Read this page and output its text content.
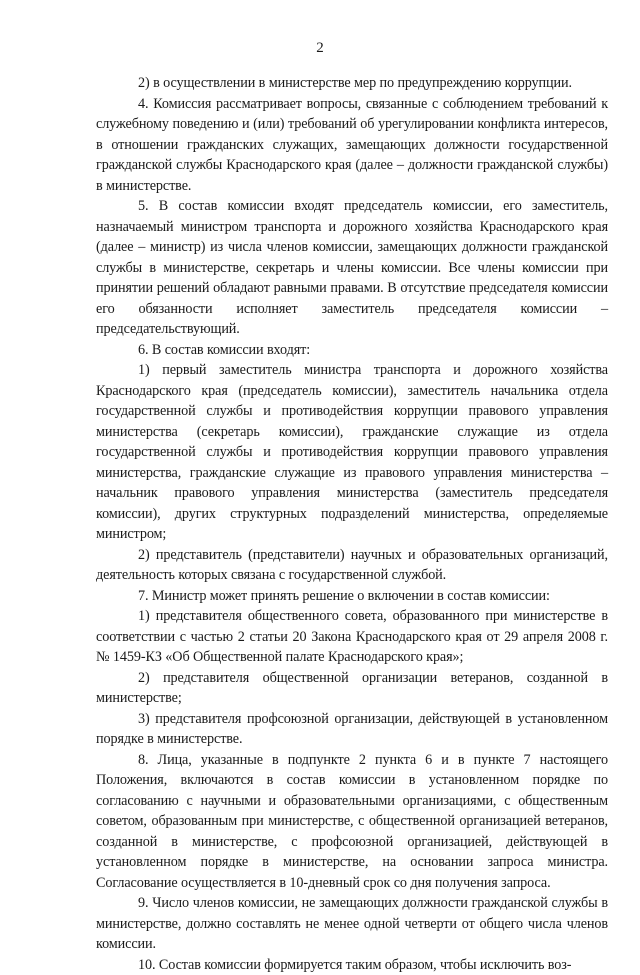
2

2) в осуществлении в министерстве мер по предупреждению коррупции.

4. Комиссия рассматривает вопросы, связанные с соблюдением требований к служебному поведению и (или) требований об урегулировании конфликта интересов, в отношении гражданских служащих, замещающих должности государственной гражданской службы Краснодарского края (далее – должности гражданской службы) в министерстве.

5. В состав комиссии входят председатель комиссии, его заместитель, назначаемый министром транспорта и дорожного хозяйства Краснодарского края (далее – министр) из числа членов комиссии, замещающих должности гражданской службы в министерстве, секретарь и члены комиссии. Все члены комиссии при принятии решений обладают равными правами. В отсутствие председателя комиссии его обязанности исполняет заместитель председателя комиссии – председательствующий.

6. В состав комиссии входят:

1) первый заместитель министра транспорта и дорожного хозяйства Краснодарского края (председатель комиссии), заместитель начальника отдела государственной службы и противодействия коррупции правового управления министерства (секретарь комиссии), гражданские служащие из отдела государственной службы и противодействия коррупции правового управления министерства, гражданские служащие из правового управления министерства – начальник правового управления министерства (заместитель председателя комиссии), других структурных подразделений министерства, определяемые министром;

2) представитель (представители) научных и образовательных организаций, деятельность которых связана с государственной службой.

7. Министр может принять решение о включении в состав комиссии:

1) представителя общественного совета, образованного при министерстве в соответствии с частью 2 статьи 20 Закона Краснодарского края от 29 апреля 2008 г. № 1459-КЗ «Об Общественной палате Краснодарского края»;

2) представителя общественной организации ветеранов, созданной в министерстве;

3) представителя профсоюзной организации, действующей в установленном порядке в министерстве.

8. Лица, указанные в подпункте 2 пункта 6 и в пункте 7 настоящего Положения, включаются в состав комиссии в установленном порядке по согласованию с научными и образовательными организациями, с общественным советом, образованным при министерстве, с общественной организацией ветеранов, созданной в министерстве, с профсоюзной организацией, действующей в установленном порядке в министерстве, на основании запроса министра. Согласование осуществляется в 10-дневный срок со дня получения запроса.

9. Число членов комиссии, не замещающих должности гражданской службы в министерстве, должно составлять не менее одной четверти от общего числа членов комиссии.

10. Состав комиссии формируется таким образом, чтобы исключить воз-
